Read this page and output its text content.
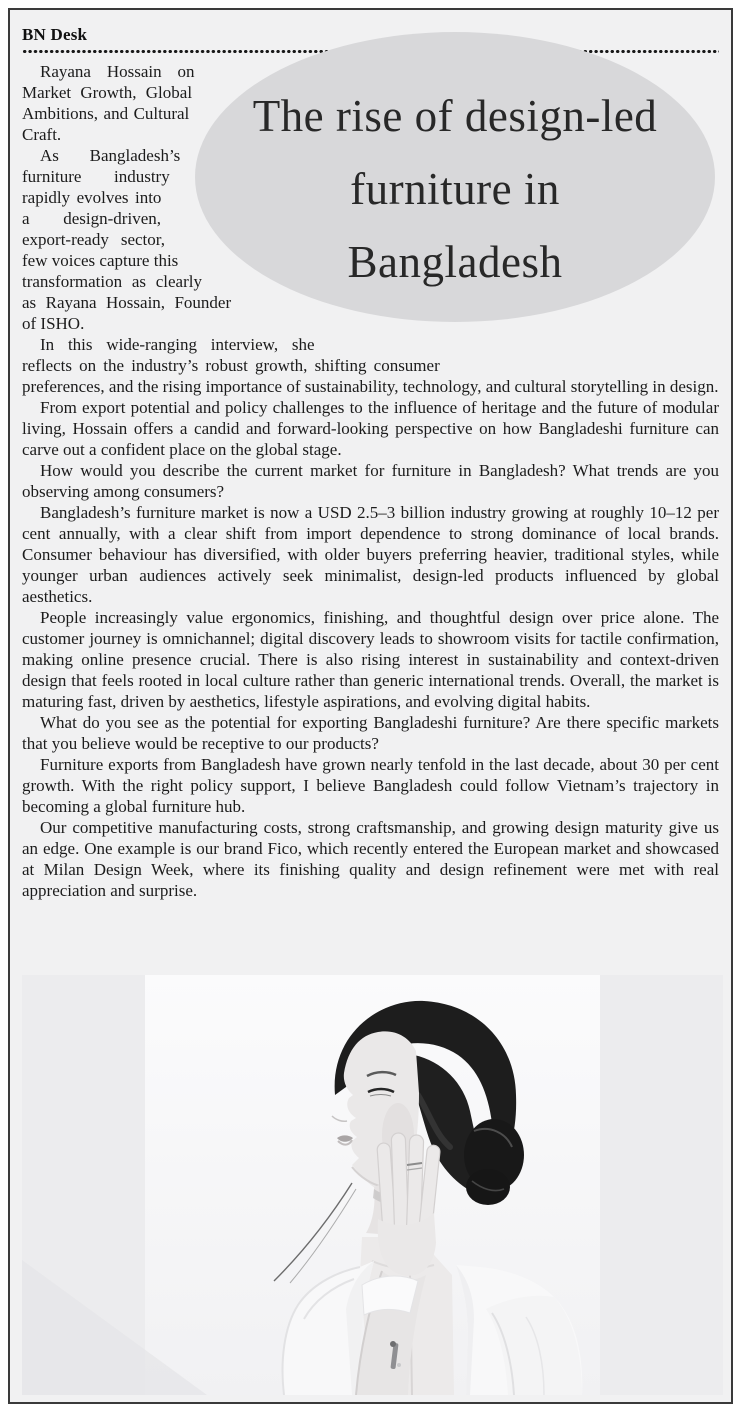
BN Desk
The rise of design-led
furniture in
Bangladesh

Rayana Hossain on Market Growth, Global Ambitions, and Cultural Craft.

As Bangladesh’s furniture industry rapidly evolves into a design-driven, export-ready sector, few voices capture this transformation as clearly as Rayana Hossain, Founder of ISHO.

In this wide-ranging interview, she reflects on the industry’s robust growth, shifting consumer preferences, and the rising importance of sustainability, technology, and cultural storytelling in design.

From export potential and policy challenges to the influence of heritage and the future of modular living, Hossain offers a candid and forward-looking perspective on how Bangladeshi furniture can carve out a confident place on the global stage.

How would you describe the current market for furniture in Bangladesh? What trends are you observing among consumers?

Bangladesh’s furniture market is now a USD 2.5–3 billion industry growing at roughly 10–12 per cent annually, with a clear shift from import dependence to strong dominance of local brands. Consumer behaviour has diversified, with older buyers preferring heavier, traditional styles, while younger urban audiences actively seek minimalist, design-led products influenced by global aesthetics.

People increasingly value ergonomics, finishing, and thoughtful design over price alone. The customer journey is omnichannel; digital discovery leads to showroom visits for tactile confirmation, making online presence crucial. There is also rising interest in sustainability and context-driven design that feels rooted in local culture rather than generic international trends. Overall, the market is maturing fast, driven by aesthetics, lifestyle aspirations, and evolving digital habits.

What do you see as the potential for exporting Bangladeshi furniture? Are there specific markets that you believe would be receptive to our products?

Furniture exports from Bangladesh have grown nearly tenfold in the last decade, about 30 per cent growth. With the right policy support, I believe Bangladesh could follow Vietnam’s trajectory in becoming a global furniture hub.

Our competitive manufacturing costs, strong craftsmanship, and growing design maturity give us an edge. One example is our brand Fico, which recently entered the European market and showcased at Milan Design Week, where its finishing quality and design refinement were met with real appreciation and surprise.
